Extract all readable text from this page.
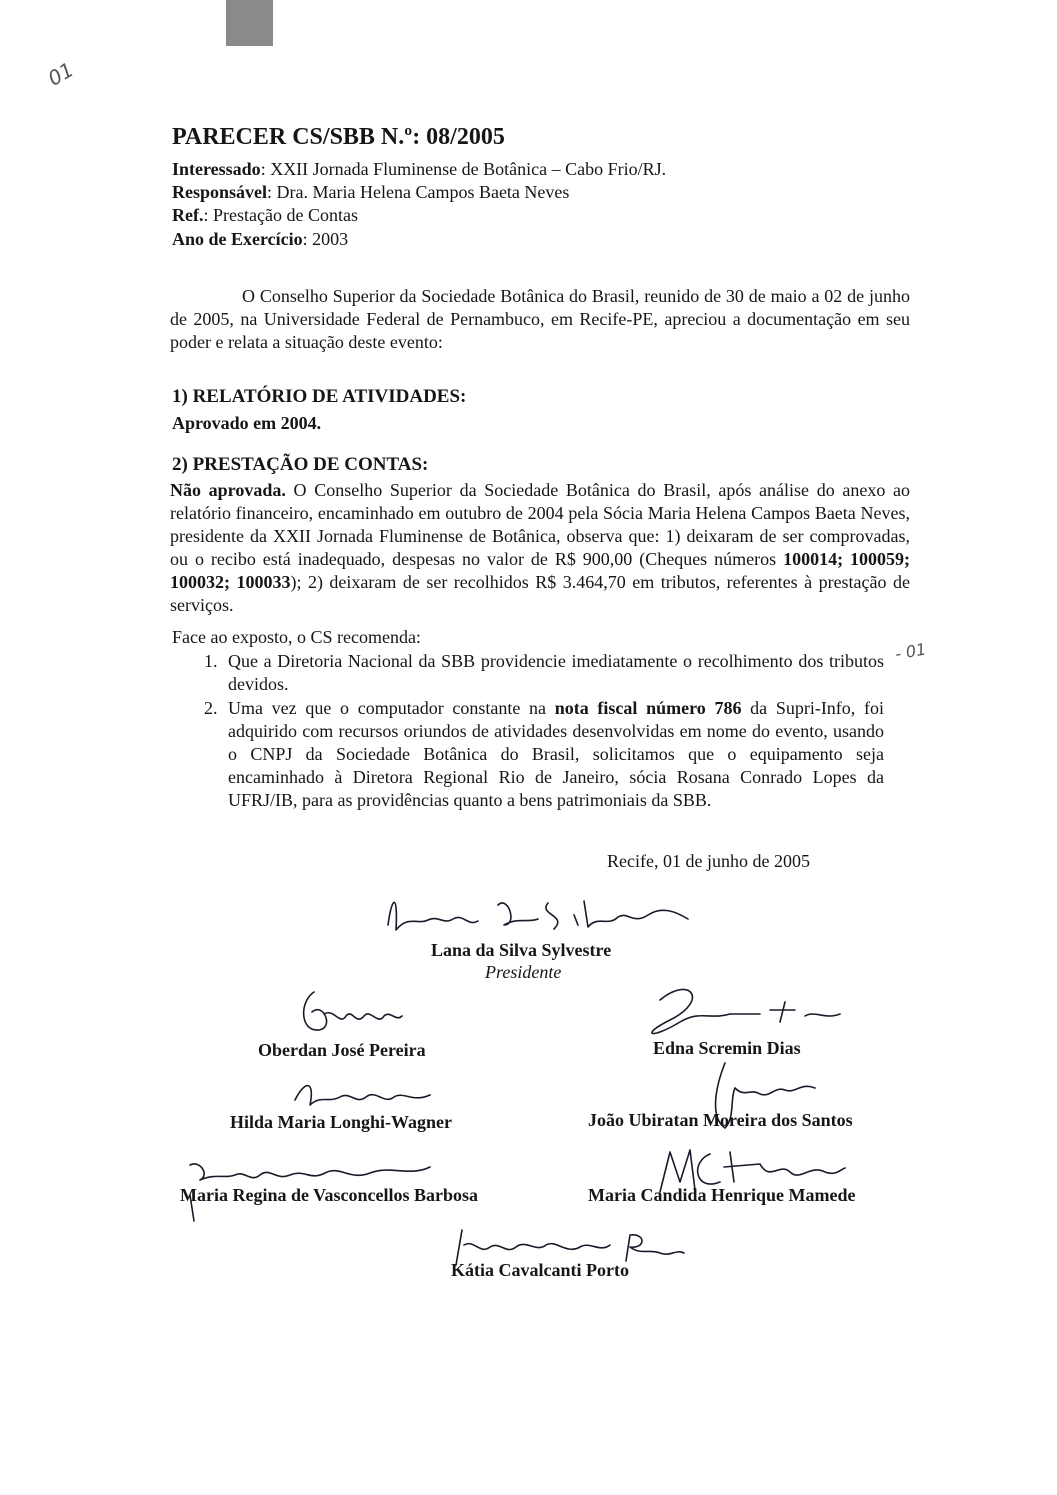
01
PARECER CS/SBB N.º: 08/2005
Interessado: XXII Jornada Fluminense de Botânica – Cabo Frio/RJ.
Responsável: Dra. Maria Helena Campos Baeta Neves
Ref.: Prestação de Contas
Ano de Exercício: 2003

O Conselho Superior da Sociedade Botânica do Brasil, reunido de 30 de maio a 02 de junho de 2005, na Universidade Federal de Pernambuco, em Recife-PE, apreciou a documentação em seu poder e relata a situação deste evento:

1) RELATÓRIO DE ATIVIDADES:
Aprovado em 2004.
2) PRESTAÇÃO DE CONTAS:

Não aprovada. O Conselho Superior da Sociedade Botânica do Brasil, após análise do anexo ao relatório financeiro, encaminhado em outubro de 2004 pela Sócia Maria Helena Campos Baeta Neves, presidente da XXII Jornada Fluminense de Botânica, observa que: 1) deixaram de ser comprovadas, ou o recibo está inadequado, despesas no valor de R$ 900,00 (Cheques números 100014; 100059; 100032; 100033); 2) deixaram de ser recolhidos R$ 3.464,70 em tributos, referentes à prestação de serviços.

Face ao exposto, o CS recomenda:
1. Que a Diretoria Nacional da SBB providencie imediatamente o recolhimento dos tributos devidos.
- 01
2. Uma vez que o computador constante na nota fiscal número 786 da Supri-Info, foi adquirido com recursos oriundos de atividades desenvolvidas em nome do evento, usando o CNPJ da Sociedade Botânica do Brasil, solicitamos que o equipamento seja encaminhado à Diretora Regional Rio de Janeiro, sócia Rosana Conrado Lopes da UFRJ/IB, para as providências quanto a bens patrimoniais da SBB.
Recife, 01 de junho de 2005
Lana da Silva Sylvestre
Presidente
Oberdan José Pereira	Edna Scremin Dias
Hilda Maria Longhi-Wagner	João Ubiratan Moreira dos Santos
Maria Regina de Vasconcellos Barbosa	Maria Candida Henrique Mamede
Kátia Cavalcanti Porto
